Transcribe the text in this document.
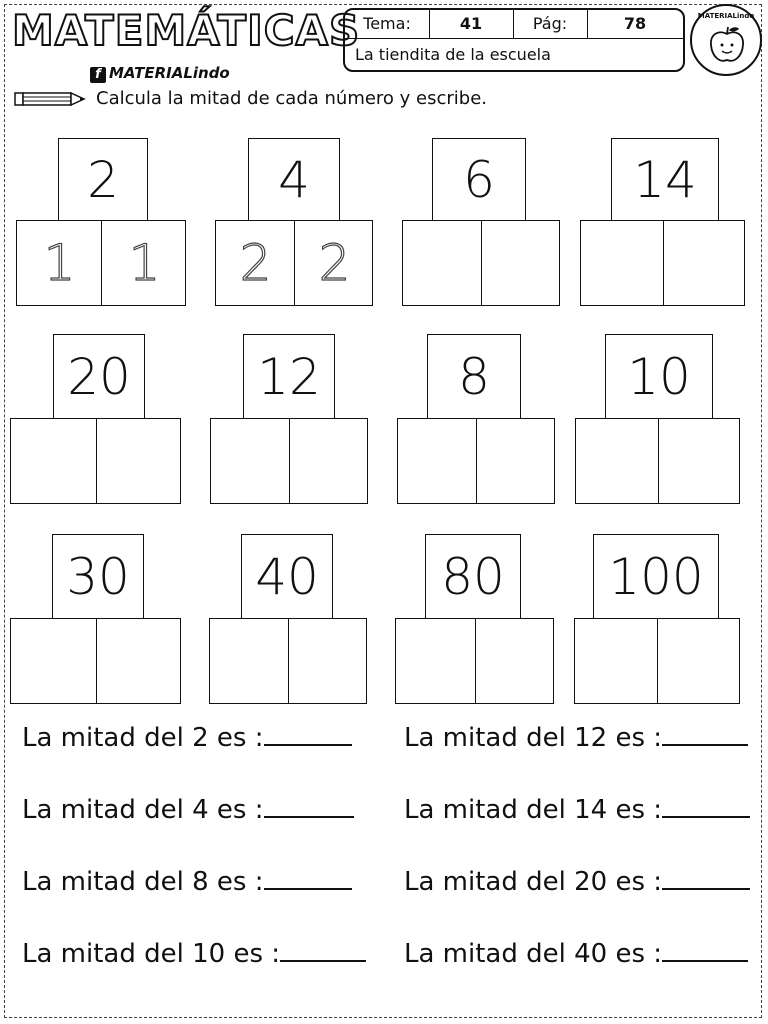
MATEMÁTICAS
f MATERIALindo
Tema:	41	Pág:	78
La tiendita de la escuela
MATERIALindo
Calcula la mitad de cada número y escribe.
2
1	1
4
2 2
6	14
20	12	8	10
30	40	80	100
La mitad del 2 es :	La mitad del 12 es :
La mitad del 4 es :	La mitad del 14 es :
La mitad del 8 es :	La mitad del 20 es :
La mitad del 10 es :	La mitad del 40 es :
